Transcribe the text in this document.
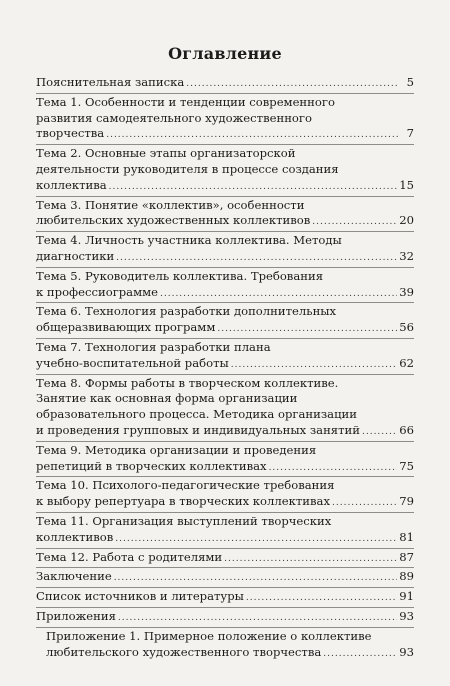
Оглавление
Пояснительная записка .....	5
Тема 1. Особенности и тенденции современного
развития самодеятельного художественного
творчества .....	7
Тема 2. Основные этапы организаторской
деятельности руководителя в процессе создания
коллектива .....	15
Тема 3. Понятие «коллектив», особенности
любительских художественных коллективов .....	20
Тема 4. Личность участника коллектива. Методы
диагностики .....	32
Тема 5. Руководитель коллектива. Требования
к профессиограмме .....	39
Тема 6. Технология разработки дополнительных
общеразвивающих программ .....	56
Тема 7. Технология разработки плана
учебно-воспитательной работы .....	62
Тема 8. Формы работы в творческом коллективе.
Занятие как основная форма организации
образовательного процесса. Методика организации
и проведения групповых и индивидуальных занятий .....	66
Тема 9. Методика организации и проведения
репетиций в творческих коллективах .....	75
Тема 10. Психолого-педагогические требования
к выбору репертуара в творческих коллективах .....	79
Тема 11. Организация выступлений творческих
коллективов .....	81
Тема 12. Работа с родителями .....	87
Заключение .....	89
Список источников и литературы .....	91
Приложения .....	93
Приложение 1. Примерное положение о коллективе
любительского художественного творчества .....	93
